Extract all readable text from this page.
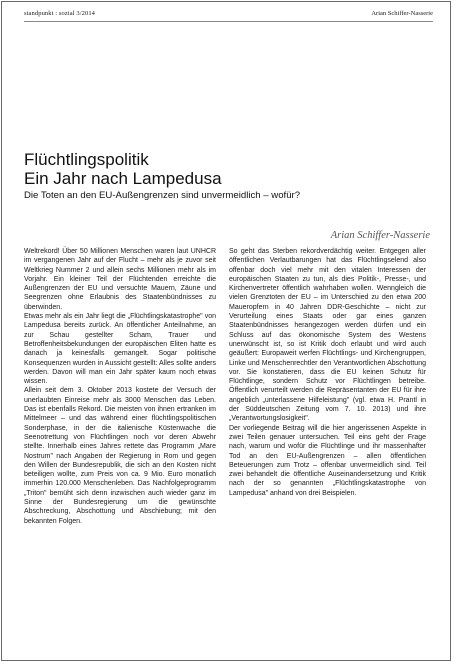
standpunkt : sozial 3/2014	Arian Schiffer-Nasserie
Flüchtlingspolitik
Ein Jahr nach Lampedusa
Die Toten an den EU-Außengrenzen sind unvermeidlich – wofür?
Arian Schiffer-Nasserie

Weltrekord! Über 50 Millionen Menschen waren laut UNHCR im vergangenen Jahr auf der Flucht – mehr als je zuvor seit Weltkrieg Nummer 2 und allein sechs Millionen mehr als im Vorjahr. Ein kleiner Teil der Flüchtenden erreichte die Außengrenzen der EU und versuchte Mauern, Zäune und Seegrenzen ohne Erlaubnis des Staatenbündnisses zu überwinden.

Etwas mehr als ein Jahr liegt die „Flüchtlingskatastrophe" von Lampedusa bereits zurück. An öffentlicher Anteilnahme, an zur Schau gestellter Scham, Trauer und Betroffenheitsbekundungen der europäischen Eliten hatte es danach ja keinesfalls gemangelt. Sogar politische Konsequenzen wurden in Aussicht gestellt: Alles sollte anders werden. Davon will man ein Jahr später kaum noch etwas wissen.

Allein seit dem 3. Oktober 2013 kostete der Versuch der unerlaubten Einreise mehr als 3000 Menschen das Leben. Das ist ebenfalls Rekord. Die meisten von ihnen ertranken im Mittelmeer – und das während einer flüchtlingspolitischen Sonderphase, in der die italienische Küstenwache die Seenotrettung von Flüchtlingen noch vor deren Abwehr stellte. Innerhalb eines Jahres rettete das Programm „Mare Nostrum" nach Angaben der Regierung in Rom und gegen den Willen der Bundesrepublik, die sich an den Kosten nicht beteiligen wollte, zum Preis von ca. 9 Mio. Euro monatlich immerhin 120.000 Menschenleben. Das Nachfolgeprogramm „Triton" bemüht sich denn inzwischen auch wieder ganz im Sinne der Bundesregierung um die gewünschte Abschreckung, Abschottung und Abschiebung; mit den bekannten Folgen.

So geht das Sterben rekordverdächtig weiter. Entgegen aller öffentlichen Verlautbarungen hat das Flüchtlingselend also offenbar doch viel mehr mit den vitalen Interessen der europäischen Staaten zu tun, als dies Politik-, Presse-, und Kirchenvertreter öffentlich wahrhaben wollen. Wenngleich die vielen Grenztoten der EU – im Unterschied zu den etwa 200 Maueropfern in 40 Jahren DDR-Geschichte – nicht zur Verurteilung eines Staats oder gar eines ganzen Staatenbündnisses herangezogen werden dürfen und ein Schluss auf das ökonomische System des Westens unerwünscht ist, so ist Kritik doch erlaubt und wird auch geäußert: Europaweit werfen Flüchtlings- und Kirchengruppen, Linke und Menschenrechtler den Verantwortlichen Abschottung vor. Sie konstatieren, dass die EU keinen Schutz für Flüchtlinge, sondern Schutz vor Flüchtlingen betreibe. Öffentlich verurteilt werden die Repräsentanten der EU für ihre angeblich „unterlassene Hilfeleistung" (vgl. etwa H. Prantl in der Süddeutschen Zeitung vom 7. 10. 2013) und ihre „Verantwortungslosigkeit".

Der vorliegende Beitrag will die hier angerissenen Aspekte in zwei Teilen genauer untersuchen. Teil eins geht der Frage nach, warum und wofür die Flüchtlinge und ihr massenhafter Tod an den EU-Außengrenzen – allen öffentlichen Beteuerungen zum Trotz – offenbar unvermeidlich sind. Teil zwei behandelt die öffentliche Auseinandersetzung und Kritik nach der so genannten „Flüchtlingskatastrophe von Lampedusa" anhand von drei Beispielen.
